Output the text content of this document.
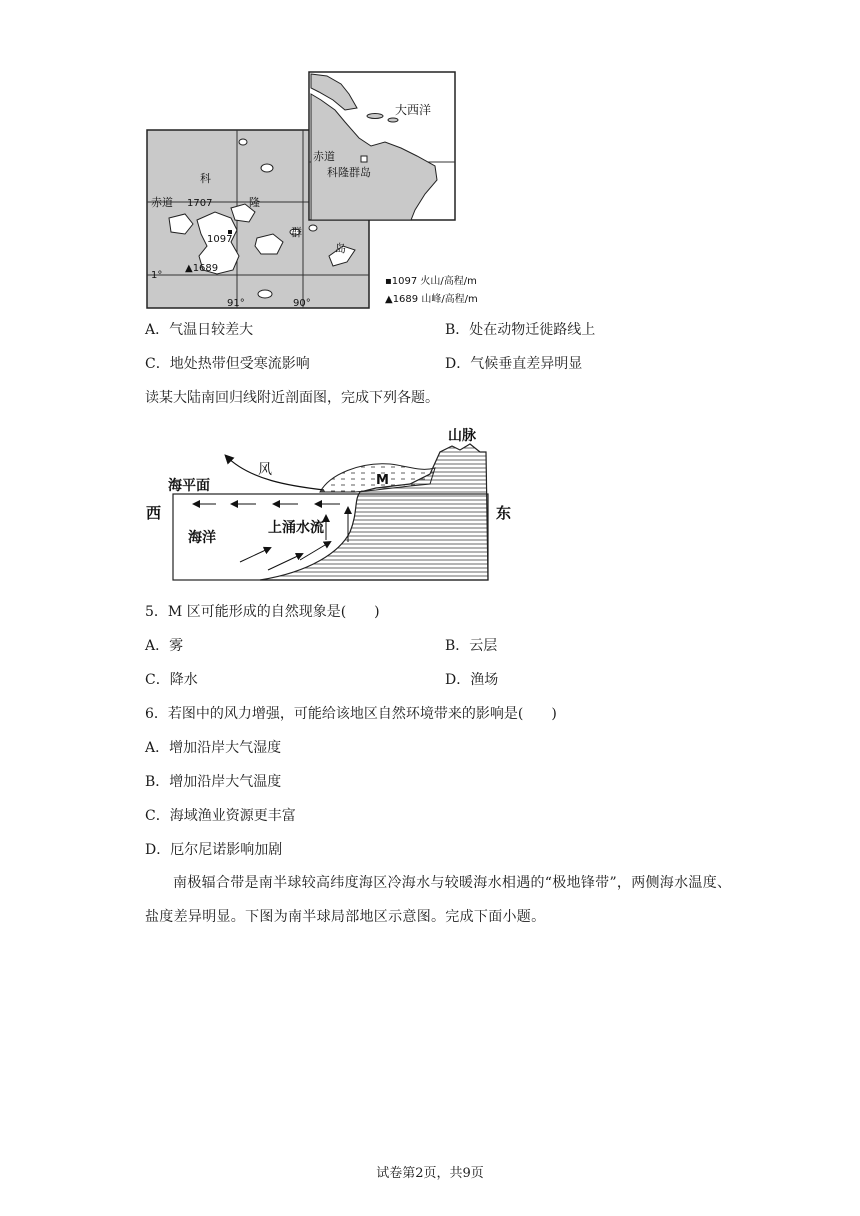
科
赤道 1707	隆
1097
群
岛
▲1689
1°
91°	90°
大西洋
赤道
科隆群岛
▪1097 火山/高程/m
▲1689 山峰/高程/m
A．气温日较差大	B．处在动物迁徙路线上
C．地处热带但受寒流影响	D．气候垂直差异明显
读某大陆南回归线附近剖面图，完成下列各题。
M
山脉
风
海平面
西	东
海洋
上涌水流
5．M 区可能形成的自然现象是(　　)
A．雾	B．云层
C．降水	D．渔场
6．若图中的风力增强，可能给该地区自然环境带来的影响是(　　)
A．增加沿岸大气湿度
B．增加沿岸大气温度
C．海域渔业资源更丰富
D．厄尔尼诺影响加剧
南极辐合带是南半球较高纬度海区冷海水与较暖海水相遇的“极地锋带”，两侧海水温度、盐度差异明显。下图为南半球局部地区示意图。完成下面小题。
试卷第2页，共9页
